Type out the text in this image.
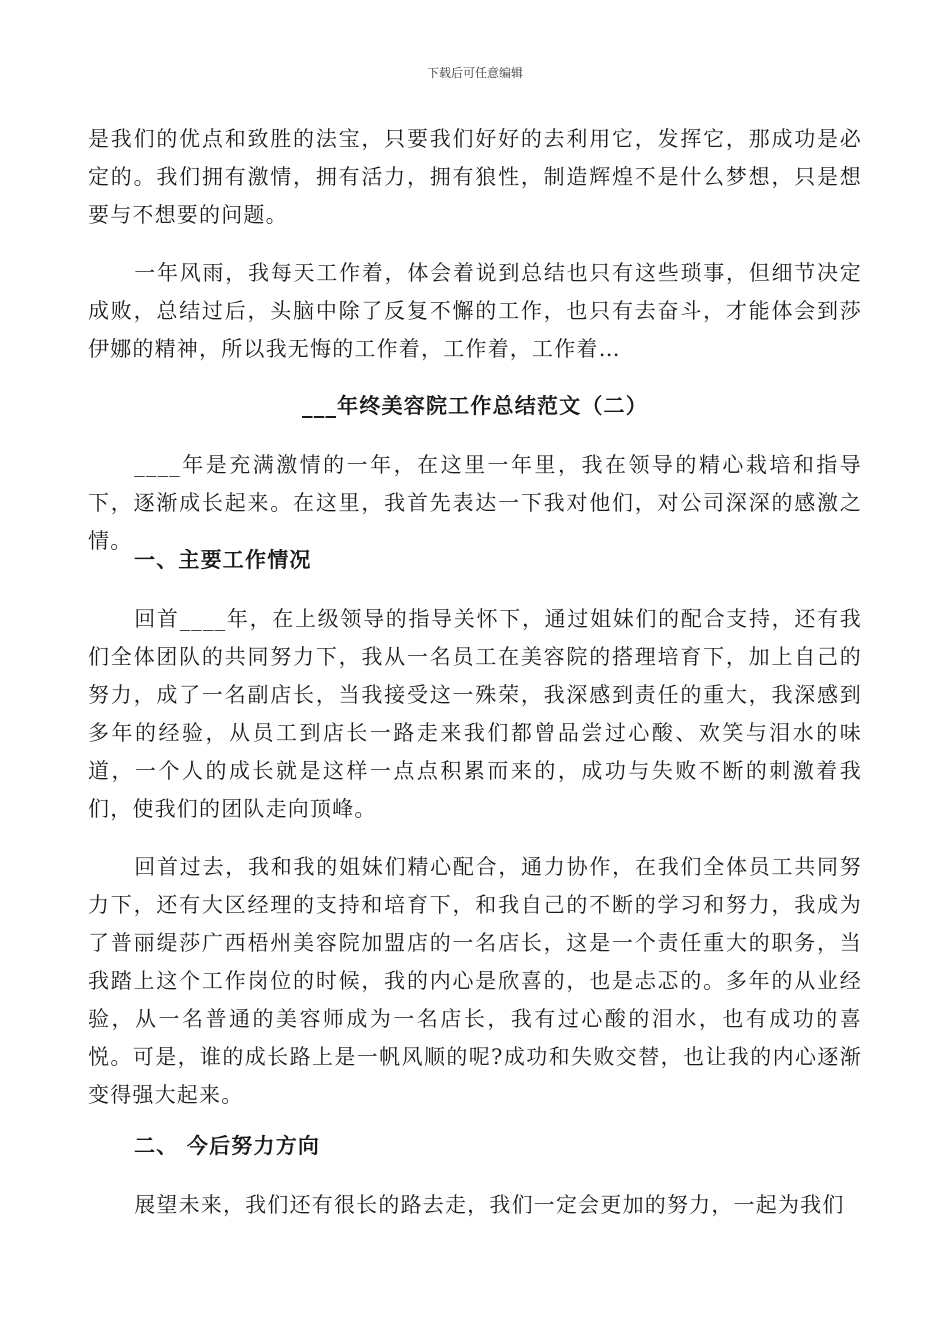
下载后可任意编辑
是我们的优点和致胜的法宝，只要我们好好的去利用它，发挥它，那成功是必定的。我们拥有激情，拥有活力，拥有狼性，制造辉煌不是什么梦想，只是想要与不想要的问题。
一年风雨，我每天工作着，体会着说到总结也只有这些琐事，但细节决定成败，总结过后，头脑中除了反复不懈的工作，也只有去奋斗，才能体会到莎伊娜的精神，所以我无悔的工作着，工作着，工作着…
___年终美容院工作总结范文（二）
____年是充满激情的一年，在这里一年里，我在领导的精心栽培和指导下，逐渐成长起来。在这里，我首先表达一下我对他们，对公司深深的感激之情。
一、主要工作情况
回首____年，在上级领导的指导关怀下，通过姐妹们的配合支持，还有我们全体团队的共同努力下，我从一名员工在美容院的搭理培育下，加上自己的努力，成了一名副店长，当我接受这一殊荣，我深感到责任的重大，我深感到多年的经验，从员工到店长一路走来我们都曾品尝过心酸、欢笑与泪水的味道，一个人的成长就是这样一点点积累而来的，成功与失败不断的刺激着我们，使我们的团队走向顶峰。
回首过去，我和我的姐妹们精心配合，通力协作，在我们全体员工共同努力下，还有大区经理的支持和培育下，和我自己的不断的学习和努力，我成为了普丽缇莎广西梧州美容院加盟店的一名店长，这是一个责任重大的职务，当我踏上这个工作岗位的时候，我的内心是欣喜的，也是忐忑的。多年的从业经验，从一名普通的美容师成为一名店长，我有过心酸的泪水，也有成功的喜悦。可是，谁的成长路上是一帆风顺的呢?成功和失败交替，也让我的内心逐渐变得强大起来。
二、 今后努力方向
展望未来，我们还有很长的路去走，我们一定会更加的努力，一起为我们
